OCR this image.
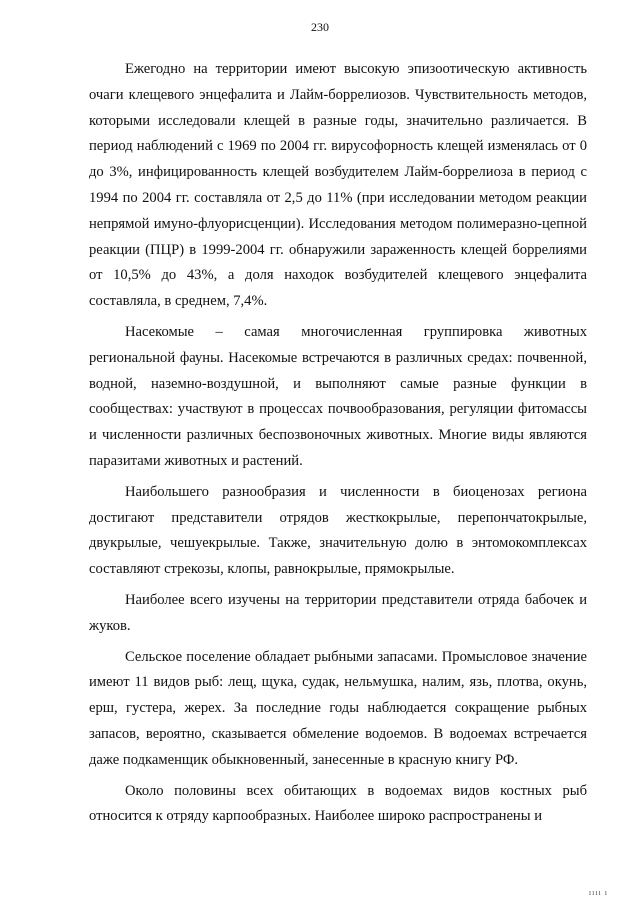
230

Ежегодно на территории имеют высокую эпизоотическую активность очаги клещевого энцефалита и Лайм-боррелиозов. Чувствительность методов, которыми исследовали клещей в разные годы, значительно различается. В период наблюдений с 1969 по 2004 гг. вирусофорность клещей изменялась от 0 до 3%, инфицированность клещей возбудителем Лайм-боррелиоза в период с 1994 по 2004 гг. составляла от 2,5 до 11% (при исследовании методом реакции непрямой имуно-флуорисценции). Исследования методом полимеразно-цепной реакции (ПЦР) в 1999-2004 гг. обнаружили зараженность клещей боррелиями от 10,5% до 43%, а доля находок возбудителей клещевого энцефалита составляла, в среднем, 7,4%.

Насекомые – самая многочисленная группировка животных региональной фауны. Насекомые встречаются в различных средах: почвенной, водной, наземно-воздушной, и выполняют самые разные функции в сообществах: участвуют в процессах почвообразования, регуляции фитомассы и численности различных беспозвоночных животных. Многие виды являются паразитами животных и растений.

Наибольшего разнообразия и численности в биоценозах региона достигают представители отрядов жесткокрылые, перепончатокрылые, двукрылые, чешуекрылые. Также, значительную долю в энтомокомплексах составляют стрекозы, клопы, равнокрылые, прямокрылые.

Наиболее всего изучены на территории представители отряда бабочек и жуков.

Сельское поселение обладает рыбными запасами. Промысловое значение имеют 11 видов рыб: лещ, щука, судак, нельмушка, налим, язь, плотва, окунь, ерш, густера, жерех. За последние годы наблюдается сокращение рыбных запасов, вероятно, сказывается обмеление водоемов. В водоемах встречается даже подкаменщик обыкновенный, занесенные в красную книгу РФ.

Около половины всех обитающих в водоемах видов костных рыб относится к отряду карпообразных. Наиболее широко распространены и

ıııı ı
